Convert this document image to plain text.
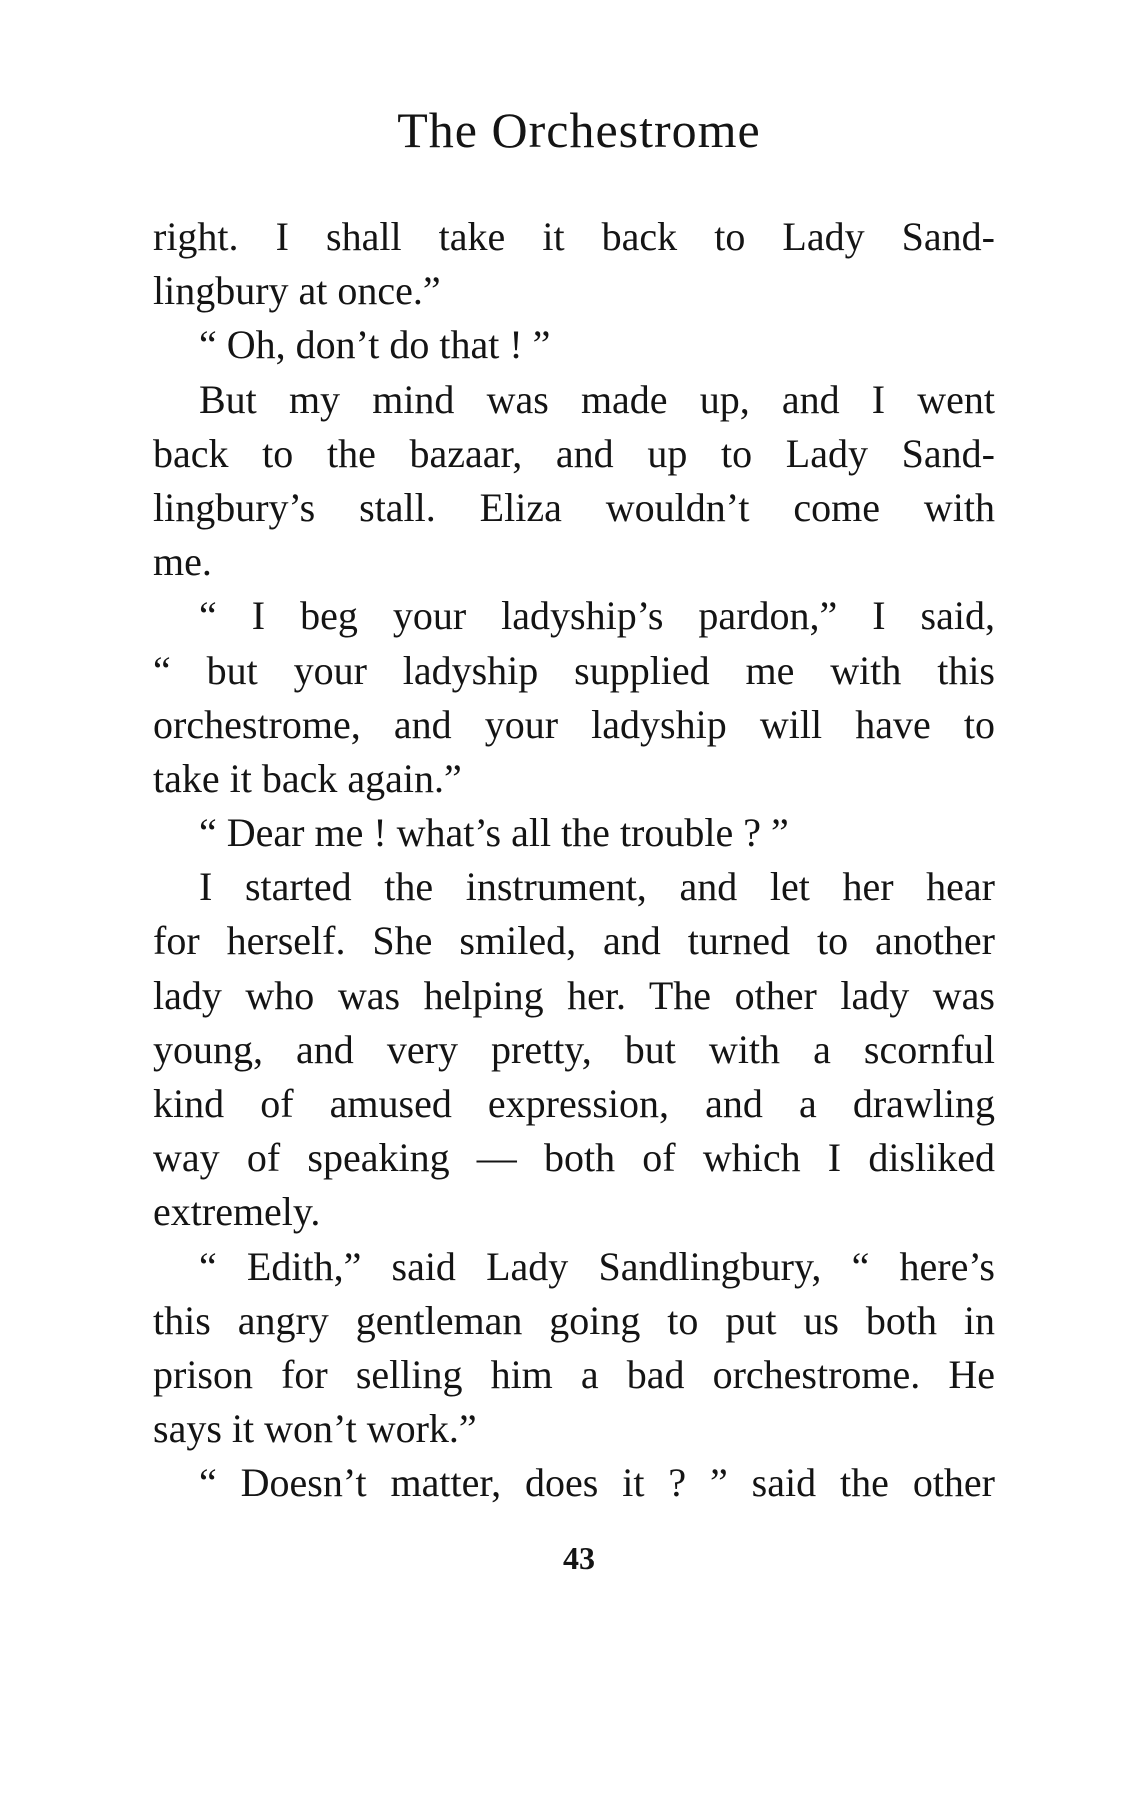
The Orchestrome
right. I shall take it back to Lady Sand-
lingbury at once.”
“ Oh, don’t do that ! ”
But my mind was made up, and I went
back to the bazaar, and up to Lady Sand-
lingbury’s stall. Eliza wouldn’t come with
me.
“ I beg your ladyship’s pardon,” I said,
“ but your ladyship supplied me with this
orchestrome, and your ladyship will have to
take it back again.”
“ Dear me ! what’s all the trouble ? ”
I started the instrument, and let her hear
for herself. She smiled, and turned to another
lady who was helping her. The other lady was
young, and very pretty, but with a scornful
kind of amused expression, and a drawling
way of speaking — both of which I disliked
extremely.
“ Edith,” said Lady Sandlingbury, “ here’s
this angry gentleman going to put us both in
prison for selling him a bad orchestrome. He
says it won’t work.”
“ Doesn’t matter, does it ? ” said the other
43
